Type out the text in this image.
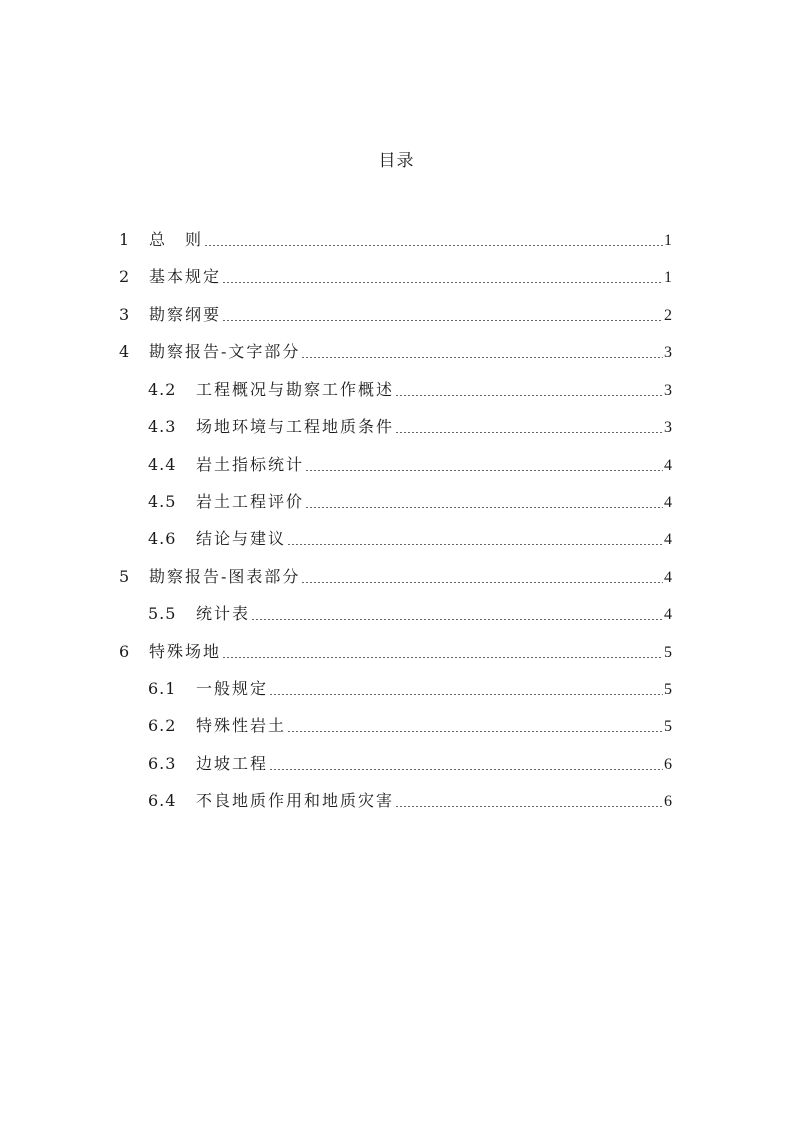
目录
1	总　则	1
2	基本规定	1
3	勘察纲要	2
4	勘察报告-文字部分	3
4.2	工程概况与勘察工作概述	3
4.3	场地环境与工程地质条件	3
4.4	岩土指标统计	4
4.5	岩土工程评价	4
4.6	结论与建议	4
5	勘察报告-图表部分	4
5.5	统计表	4
6	特殊场地	5
6.1	一般规定	5
6.2	特殊性岩土	5
6.3	边坡工程	6
6.4	不良地质作用和地质灾害	6
